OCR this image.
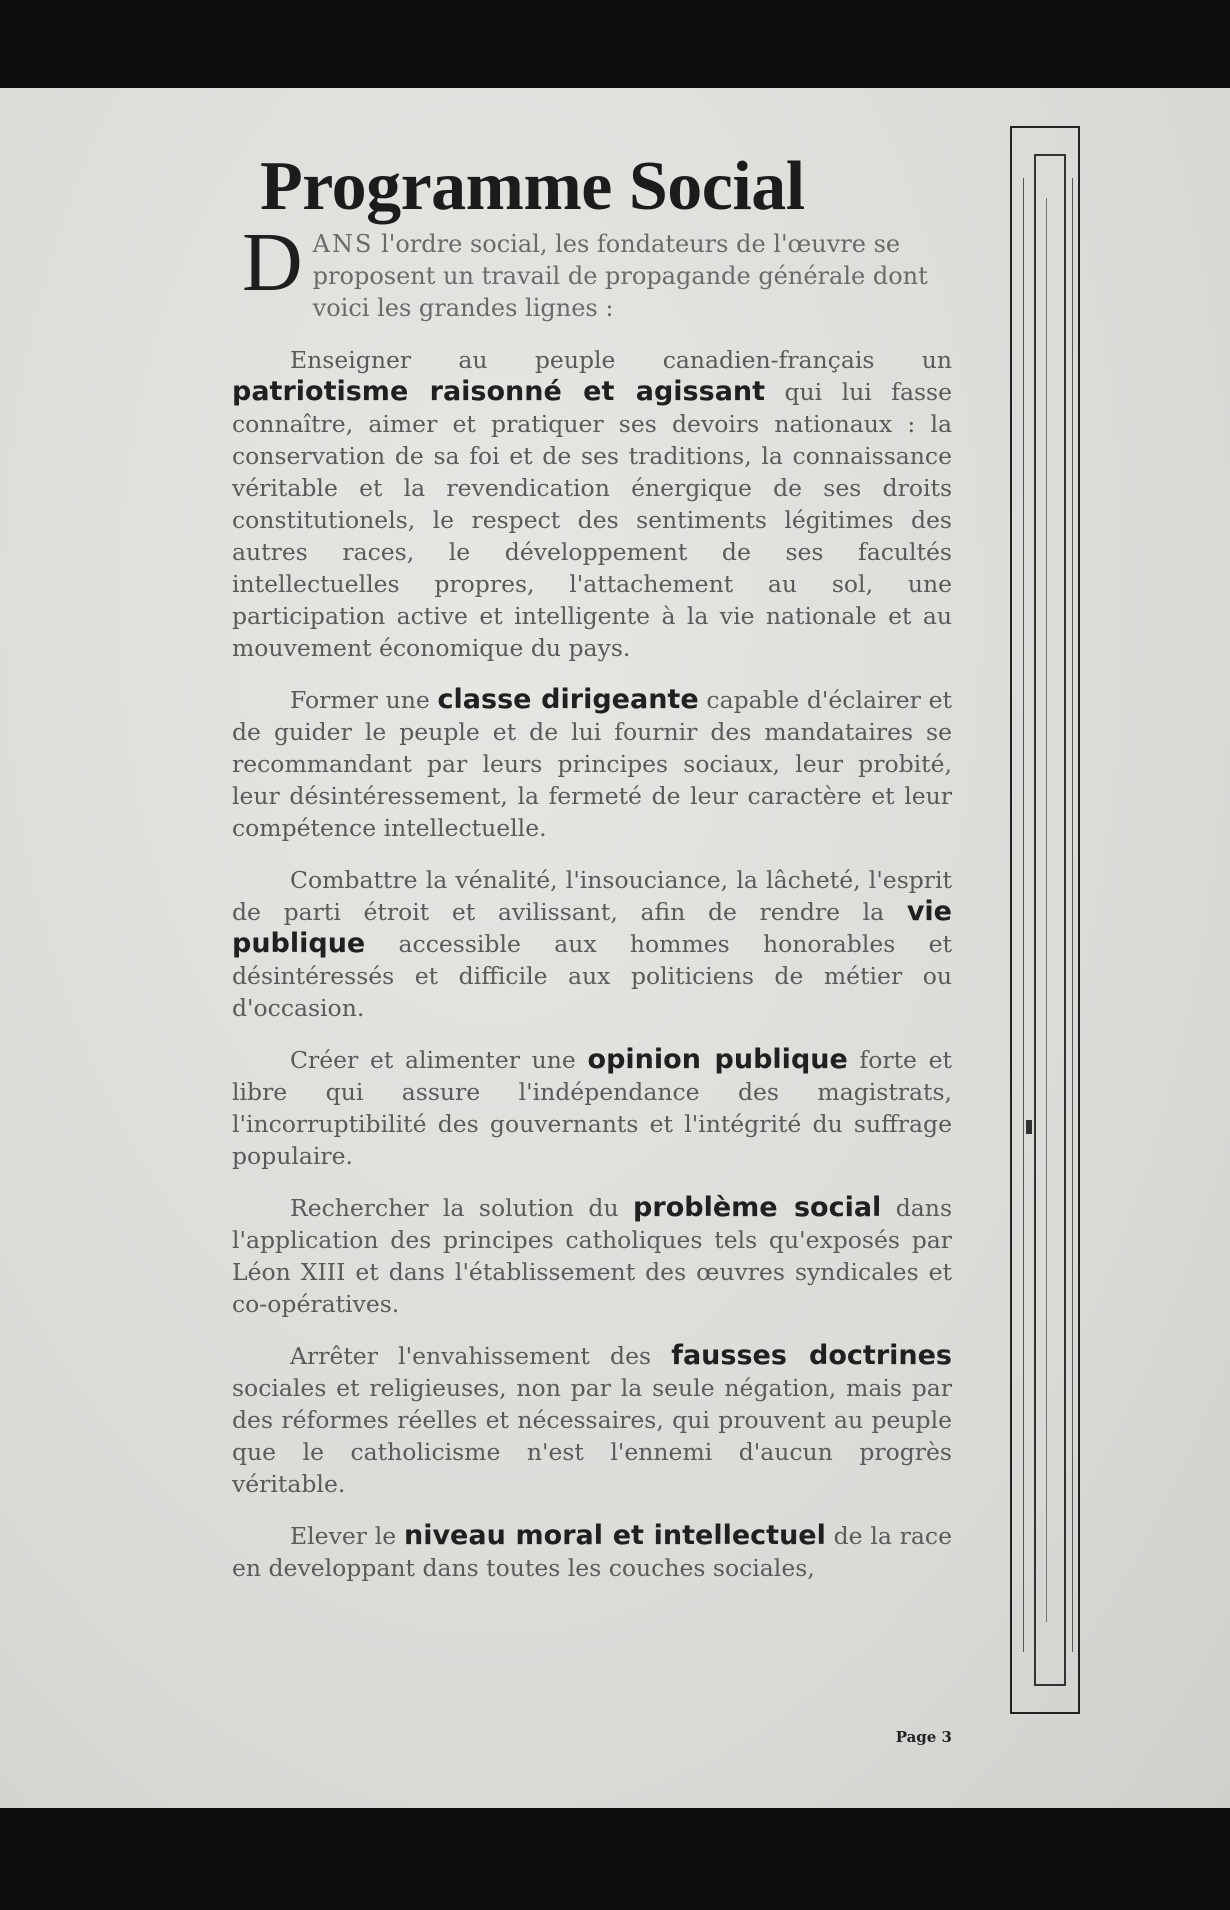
Programme Social
D ANS l'ordre social, les fondateurs de l'œuvre se proposent un travail de propagande générale dont voici les grandes lignes :

Enseigner au peuple canadien-français un patriotisme raisonné et agissant qui lui fasse connaître, aimer et pratiquer ses devoirs nationaux : la conservation de sa foi et de ses traditions, la connaissance véritable et la revendication énergique de ses droits constitutionels, le respect des sentiments légitimes des autres races, le développement de ses facultés intellectuelles propres, l'attachement au sol, une participation active et intelligente à la vie nationale et au mouvement économique du pays.

Former une classe dirigeante capable d'éclairer et de guider le peuple et de lui fournir des mandataires se recommandant par leurs principes sociaux, leur probité, leur désintéressement, la fermeté de leur caractère et leur compétence intellectuelle.

Combattre la vénalité, l'insouciance, la lâcheté, l'esprit de parti étroit et avilissant, afin de rendre la vie publique accessible aux hommes honorables et désintéressés et difficile aux politiciens de métier ou d'occasion.

Créer et alimenter une opinion publique forte et libre qui assure l'indépendance des magistrats, l'incorruptibilité des gouvernants et l'intégrité du suffrage populaire.

Rechercher la solution du problème social dans l'application des principes catholiques tels qu'exposés par Léon XIII et dans l'établissement des œuvres syndicales et co-opératives.

Arrêter l'envahissement des fausses doctrines sociales et religieuses, non par la seule négation, mais par des réformes réelles et nécessaires, qui prouvent au peuple que le catholicisme n'est l'ennemi d'aucun progrès véritable.

Elever le niveau moral et intellectuel de la race en developpant dans toutes les couches sociales,

Page 3
